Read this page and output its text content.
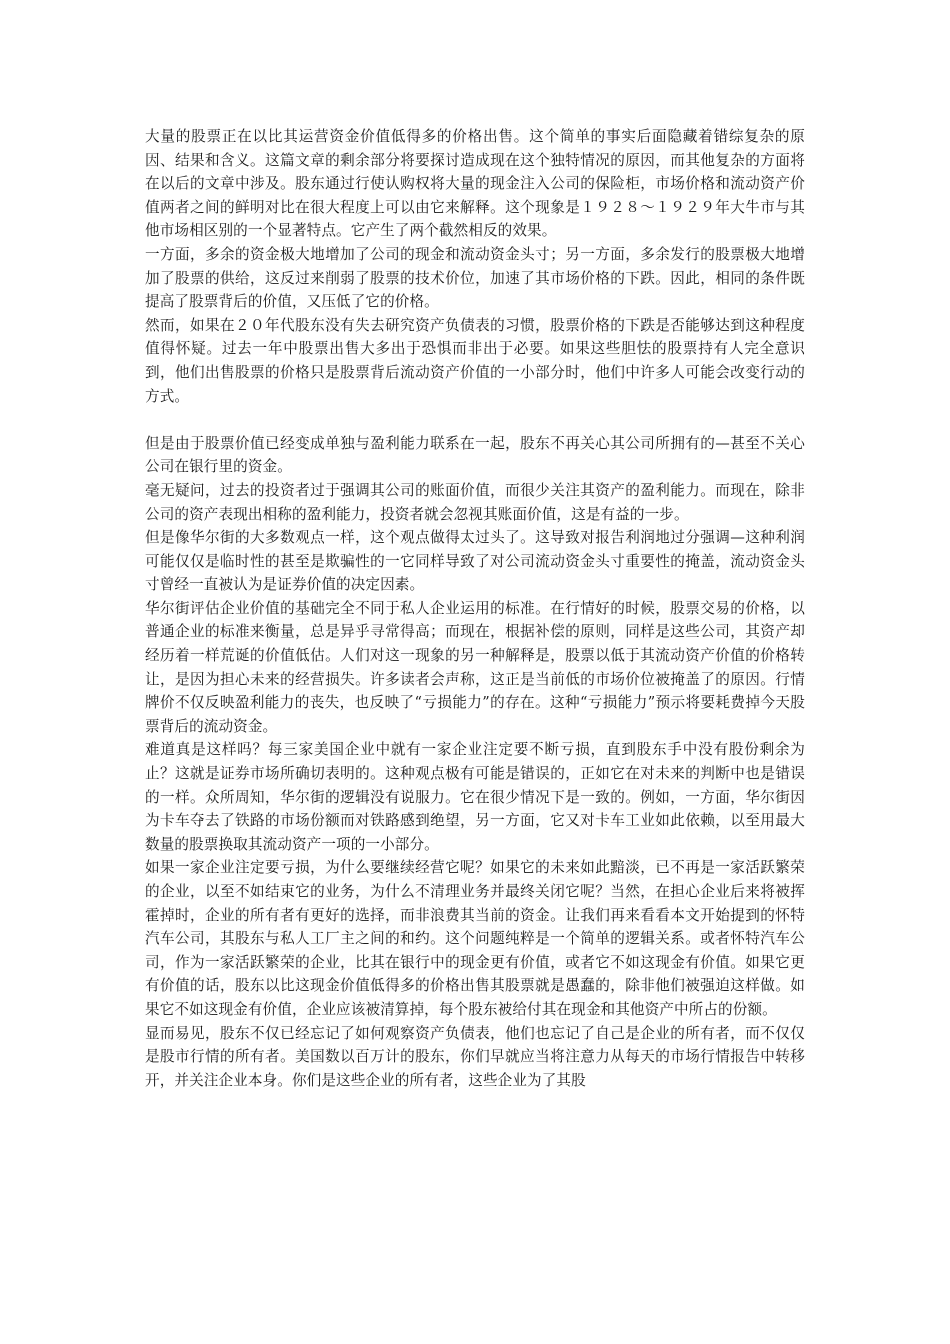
大量的股票正在以比其运营资金价值低得多的价格出售。这个简单的事实后面隐藏着错综复杂的原因、结果和含义。这篇文章的剩余部分将要探讨造成现在这个独特情况的原因，而其他复杂的方面将在以后的文章中涉及。股东通过行使认购权将大量的现金注入公司的保险柜，市场价格和流动资产价值两者之间的鲜明对比在很大程度上可以由它来解释。这个现象是１９２８～１９２９年大牛市与其他市场相区别的一个显著特点。它产生了两个截然相反的效果。

一方面，多余的资金极大地增加了公司的现金和流动资金头寸；另一方面，多余发行的股票极大地增加了股票的供给，这反过来削弱了股票的技术价位，加速了其市场价格的下跌。因此，相同的条件既提高了股票背后的价值，又压低了它的价格。

然而，如果在２０年代股东没有失去研究资产负债表的习惯，股票价格的下跌是否能够达到这种程度值得怀疑。过去一年中股票出售大多出于恐惧而非出于必要。如果这些胆怯的股票持有人完全意识到，他们出售股票的价格只是股票背后流动资产价值的一小部分时，他们中许多人可能会改变行动的方式。

但是由于股票价值已经变成单独与盈利能力联系在一起，股东不再关心其公司所拥有的—甚至不关心公司在银行里的资金。

毫无疑问，过去的投资者过于强调其公司的账面价值，而很少关注其资产的盈利能力。而现在，除非公司的资产表现出相称的盈利能力，投资者就会忽视其账面价值，这是有益的一步。

但是像华尔街的大多数观点一样，这个观点做得太过头了。这导致对报告利润地过分强调—这种利润可能仅仅是临时性的甚至是欺骗性的一它同样导致了对公司流动资金头寸重要性的掩盖，流动资金头寸曾经一直被认为是证券价值的决定因素。

华尔街评估企业价值的基础完全不同于私人企业运用的标准。在行情好的时候，股票交易的价格，以普通企业的标准来衡量，总是异乎寻常得高；而现在，根据补偿的原则，同样是这些公司，其资产却经历着一样荒诞的价值低估。人们对这一现象的另一种解释是，股票以低于其流动资产价值的价格转让，是因为担心未来的经营损失。许多读者会声称，这正是当前低的市场价位被掩盖了的原因。行情牌价不仅反映盈利能力的丧失，也反映了“亏损能力”的存在。这种“亏损能力”预示将要耗费掉今天股票背后的流动资金。

难道真是这样吗？每三家美国企业中就有一家企业注定要不断亏损，直到股东手中没有股份剩余为止？这就是证券市场所确切表明的。这种观点极有可能是错误的，正如它在对未来的判断中也是错误的一样。众所周知，华尔街的逻辑没有说服力。它在很少情况下是一致的。例如，一方面，华尔街因为卡车夺去了铁路的市场份额而对铁路感到绝望，另一方面，它又对卡车工业如此依赖，以至用最大数量的股票换取其流动资产一项的一小部分。

如果一家企业注定要亏损，为什么要继续经营它呢？如果它的未来如此黯淡，已不再是一家活跃繁荣的企业，以至不如结束它的业务，为什么不清理业务并最终关闭它呢？当然，在担心企业后来将被挥霍掉时，企业的所有者有更好的选择，而非浪费其当前的资金。让我们再来看看本文开始提到的怀特汽车公司，其股东与私人工厂主之间的和约。这个问题纯粹是一个简单的逻辑关系。或者怀特汽车公司，作为一家活跃繁荣的企业，比其在银行中的现金更有价值，或者它不如这现金有价值。如果它更有价值的话，股东以比这现金价值低得多的价格出售其股票就是愚蠢的，除非他们被强迫这样做。如果它不如这现金有价值，企业应该被清算掉，每个股东被给付其在现金和其他资产中所占的份额。

显而易见，股东不仅已经忘记了如何观察资产负债表，他们也忘记了自己是企业的所有者，而不仅仅是股市行情的所有者。美国数以百万计的股东，你们早就应当将注意力从每天的市场行情报告中转移开，并关注企业本身。你们是这些企业的所有者，这些企业为了其股
